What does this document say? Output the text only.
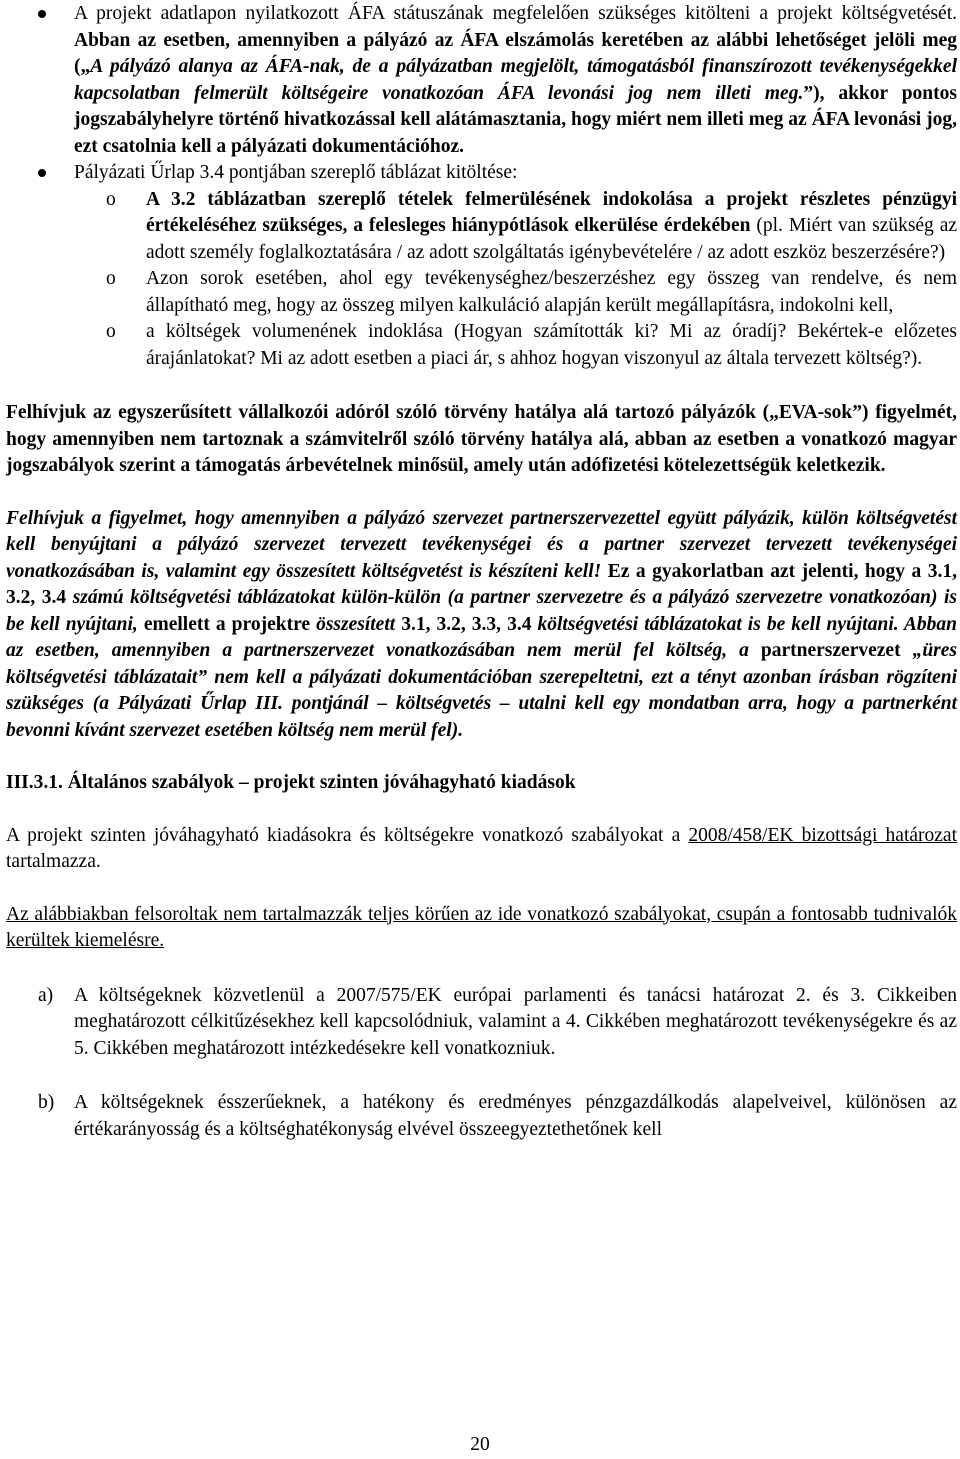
A projekt adatlapon nyilatkozott ÁFA státuszának megfelelően szükséges kitölteni a projekt költségvetését. Abban az esetben, amennyiben a pályázó az ÁFA elszámolás keretében az alábbi lehetőséget jelöli meg („A pályázó alanya az ÁFA-nak, de a pályázatban megjelölt, támogatásból finanszírozott tevékenységekkel kapcsolatban felmerült költségeire vonatkozóan ÁFA levonási jog nem illeti meg.”), akkor pontos jogszabályhelyre történő hivatkozással kell alátámasztania, hogy miért nem illeti meg az ÁFA levonási jog, ezt csatolnia kell a pályázati dokumentációhoz.
Pályázati Űrlap 3.4 pontjában szereplő táblázat kitöltése:
o A 3.2 táblázatban szereplő tételek felmerülésének indokolása a projekt részletes pénzügyi értékeléséhez szükséges, a felesleges hiánypótlások elkerülése érdekében (pl. Miért van szükség az adott személy foglalkoztatására / az adott szolgáltatás igénybevételére / az adott eszköz beszerzésére?)
o Azon sorok esetében, ahol egy tevékenységhez/beszerzéshez egy összeg van rendelve, és nem állapítható meg, hogy az összeg milyen kalkuláció alapján került megállapításra, indokolni kell,
o a költségek volumenének indoklása (Hogyan számították ki? Mi az óradíj? Bekértek-e előzetes árajánlatokat? Mi az adott esetben a piaci ár, s ahhoz hogyan viszonyul az általa tervezett költség?).

Felhívjuk az egyszerűsített vállalkozói adóról szóló törvény hatálya alá tartozó pályázók („EVA-sok”) figyelmét, hogy amennyiben nem tartoznak a számvitelről szóló törvény hatálya alá, abban az esetben a vonatkozó magyar jogszabályok szerint a támogatás árbevételnek minősül, amely után adófizetési kötelezettségük keletkezik.

Felhívjuk a figyelmet, hogy amennyiben a pályázó szervezet partnerszervezettel együtt pályázik, külön költségvetést kell benyújtani a pályázó szervezet tervezett tevékenységei és a partner szervezet tervezett tevékenységei vonatkozásában is, valamint egy összesített költségvetést is készíteni kell! Ez a gyakorlatban azt jelenti, hogy a 3.1, 3.2, 3.4 számú költségvetési táblázatokat külön-külön (a partner szervezetre és a pályázó szervezetre vonatkozóan) is be kell nyújtani, emellett a projektre összesített 3.1, 3.2, 3.3, 3.4 költségvetési táblázatokat is be kell nyújtani. Abban az esetben, amennyiben a partnerszervezet vonatkozásában nem merül fel költség, a partnerszervezet „üres költségvetési táblázatait” nem kell a pályázati dokumentációban szerepeltetni, ezt a tényt azonban írásban rögzíteni szükséges (a Pályázati Űrlap III. pontjánál – költségvetés – utalni kell egy mondatban arra, hogy a partnerként bevonni kívánt szervezet esetében költség nem merül fel).

III.3.1. Általános szabályok – projekt szinten jóváhagyható kiadások

A projekt szinten jóváhagyható kiadásokra és költségekre vonatkozó szabályokat a 2008/458/EK bizottsági határozat tartalmazza.

Az alábbiakban felsoroltak nem tartalmazzák teljes körűen az ide vonatkozó szabályokat, csupán a fontosabb tudnivalók kerültek kiemelésre.

a) A költségeknek közvetlenül a 2007/575/EK európai parlamenti és tanácsi határozat 2. és 3. Cikkeiben meghatározott célkitűzésekhez kell kapcsolódniuk, valamint a 4. Cikkében meghatározott tevékenységekre és az 5. Cikkében meghatározott intézkedésekre kell vonatkozniuk.
b) A költségeknek ésszerűeknek, a hatékony és eredményes pénzgazdálkodás alapelveivel, különösen az értékarányosság és a költséghatékonyság elvével összeegyeztethetőnek kell
20
